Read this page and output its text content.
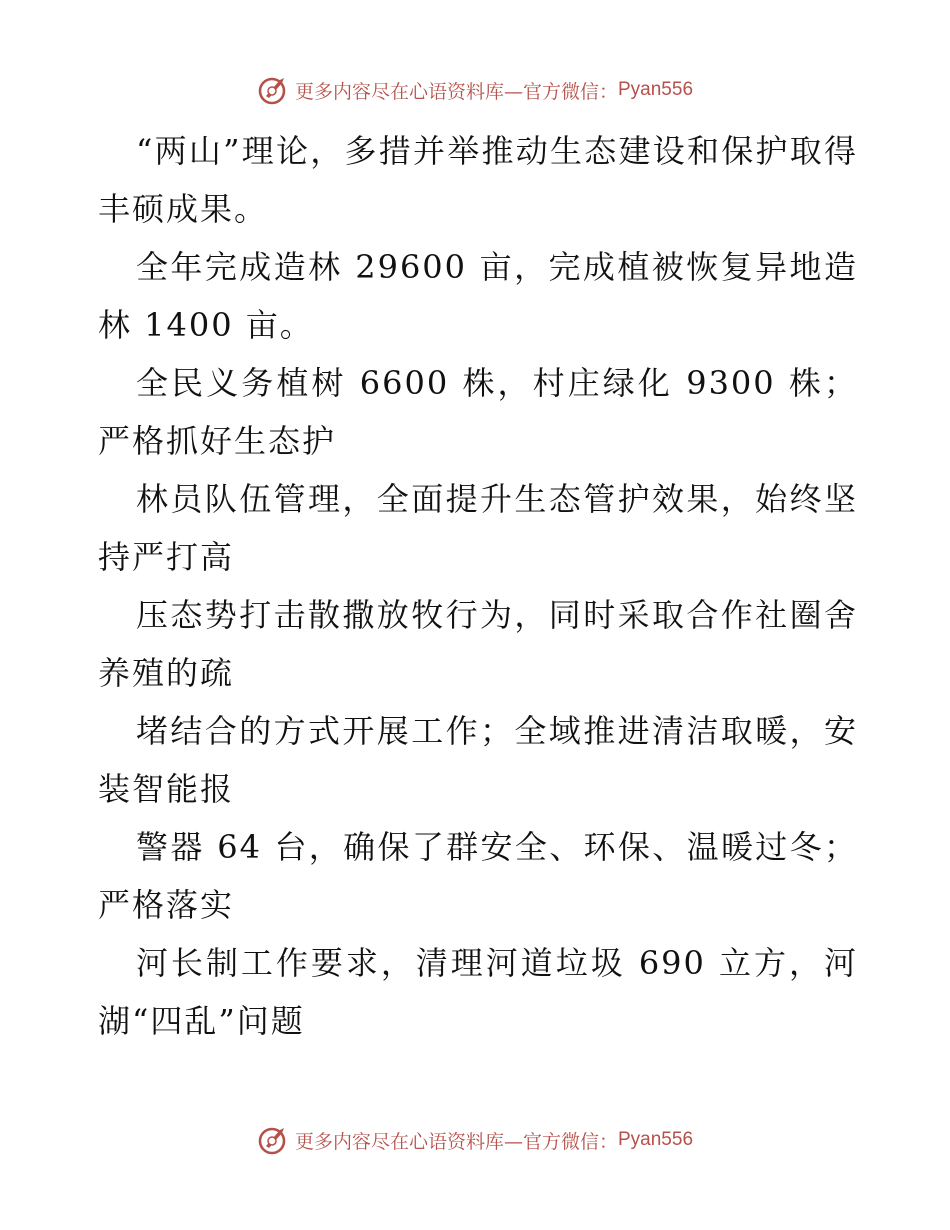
更多内容尽在心语资料库— 官方微信： Pyan556

“两山”理论，多措并举推动生态建设和保护取得丰硕成果。

全年完成造林 29600 亩，完成植被恢复异地造林 1400 亩。

全民义务植树 6600 株，村庄绿化 9300 株；严格抓好生态护

林员队伍管理，全面提升生态管护效果，始终坚持严打高

压态势打击散撒放牧行为，同时采取合作社圈舍养殖的疏

堵结合的方式开展工作；全域推进清洁取暖，安装智能报

警器 64 台，确保了群安全、环保、温暖过冬；严格落实

河长制工作要求，清理河道垃圾 690 立方，河湖“四乱”问题

更多内容尽在心语资料库— 官方微信： Pyan556
